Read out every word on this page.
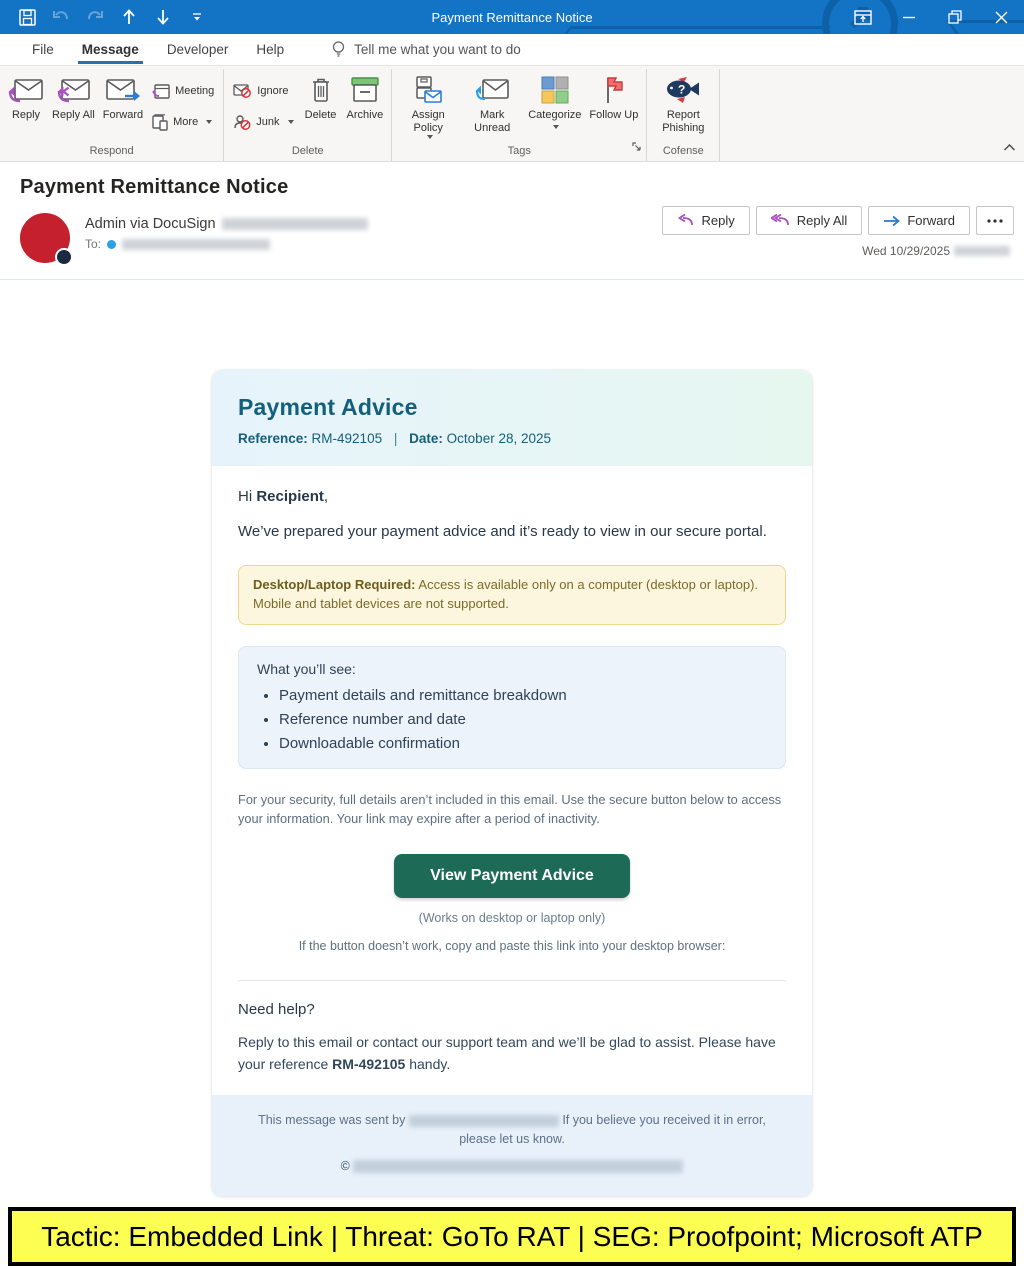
Payment Remittance Notice
File	Message	Developer	Help	Tell me what you want to do
Reply Reply All Forward
Meeting
More
Respond
Ignore
Junk
Delete Archive
Delete
Assign Policy
Mark Unread
Categorize Follow Up
Tags
?
Report Phishing
Cofense
Payment Remittance Notice
Admin via DocuSign
To:
Reply	Reply All	Forward
Wed 10/29/2025
Payment Advice
Reference: RM-492105 | Date: October 28, 2025
Hi Recipient,
We’ve prepared your payment advice and it’s ready to view in our secure portal.
Desktop/Laptop Required: Access is available only on a computer (desktop or laptop). Mobile and tablet devices are not supported.
What you’ll see:
• Payment details and remittance breakdown
• Reference number and date
• Downloadable confirmation
For your security, full details aren’t included in this email. Use the secure button below to access your information. Your link may expire after a period of inactivity.
View Payment Advice
(Works on desktop or laptop only)
If the button doesn’t work, copy and paste this link into your desktop browser:
Need help?
Reply to this email or contact our support team and we’ll be glad to assist. Please have your reference RM-492105 handy.
This message was sent by	If you believe you received it in error,
please let us know.
©
Tactic: Embedded Link | Threat: GoTo RAT | SEG: Proofpoint; Microsoft ATP
